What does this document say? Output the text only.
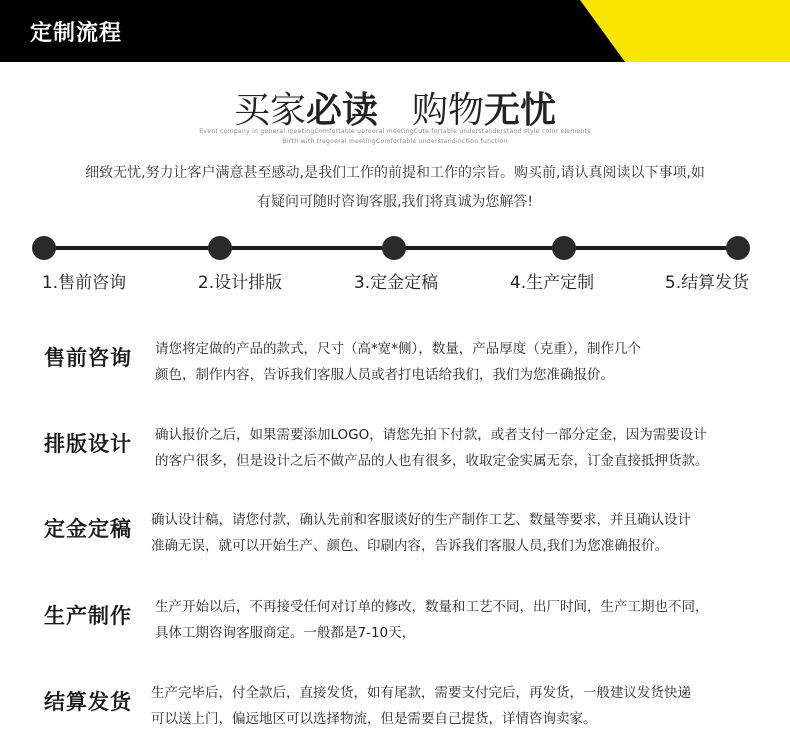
定制流程
买家必读 购物无忧
Event company in general meetingComfortable uprooral meetingCute fortable understanderstand style color elements
Birth with tregoeral meetingComfortable understandinction function
细致无忧,努力让客户满意甚至感动,是我们工作的前提和工作的宗旨。购买前,请认真阅读以下事项,如
有疑问可随时咨询客服,我们将真诚为您解答!
1.售前咨询	2.设计排版	3.定金定稿	4.生产定制	5.结算发货
售前咨询 请您将定做的产品的款式，尺寸（高*宽*侧），数量，产品厚度（克重），制作几个
颜色，制作内容，告诉我们客服人员或者打电话给我们，我们为您准确报价。
排版设计 确认报价之后，如果需要添加LOGO，请您先拍下付款，或者支付一部分定金，因为需要设计
的客户很多，但是设计之后不做产品的人也有很多，收取定金实属无奈，订金直接抵押货款。
定金定稿 确认设计稿，请您付款，确认先前和客服谈好的生产制作工艺、数量等要求，并且确认设计
准确无误，就可以开始生产、颜色、印刷内容，告诉我们客服人员,我们为您准确报价。
生产制作 生产开始以后，不再接受任何对订单的修改，数量和工艺不同，出厂时间，生产工期也不同，
具体工期咨询客服商定。一般都是7-10天，
结算发货 生产完毕后，付全款后，直接发货，如有尾款，需要支付完后，再发货，一般建议发货快递
可以送上门，偏远地区可以选择物流，但是需要自己提货，详情咨询卖家。
